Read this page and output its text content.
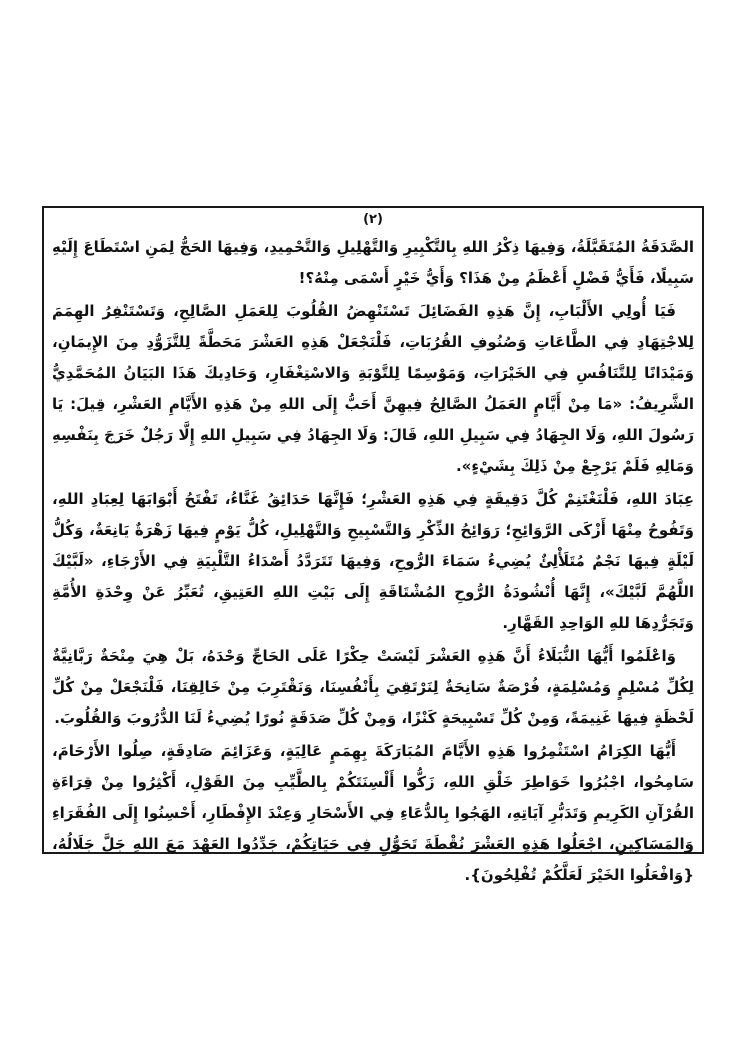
(٢)

الصَّدَقَةُ المُتَقَبَّلَةُ، وَفِيهَا ذِكْرُ اللهِ بِالتَّكْبِيرِ وَالتَّهْلِيلِ وَالتَّحْمِيدِ، وَفِيهَا الحَجُّ لِمَنِ اسْتَطَاعَ إِلَيْهِ سَبِيلًا، فَأَيُّ فَضْلٍ أَعْظَمُ مِنْ هَذَا؟ وَأَيُّ خَيْرٍ أَسْمَى مِنْهُ؟!

فَيَا أُولِي الأَلْبَابِ، إِنَّ هَذِهِ الفَضَائِلَ تَسْتَنْهِضُ القُلُوبَ لِلعَمَلِ الصَّالِحِ، وَتَسْتَنْفِرُ الهِمَمَ لِلاجْتِهَادِ فِي الطَّاعَاتِ وَصُنُوفِ القُرُبَاتِ، فَلْنَجْعَلْ هَذِهِ العَشْرَ مَحَطَّةً لِلتَّزَوُّدِ مِنَ الإِيمَانِ، وَمَيْدَانًا لِلتَّنَافُسِ فِي الخَيْرَاتِ، وَمَوْسِمًا لِلتَّوْبَةِ وَالاسْتِغْفَارِ، وَحَادِيكَ هَذَا البَيَانُ المُحَمَّدِيُّ الشَّرِيفُ: «مَا مِنْ أَيَّامٍ العَمَلُ الصَّالِحُ فِيهِنَّ أَحَبُّ إِلَى اللهِ مِنْ هَذِهِ الأَيَّامِ العَشْرِ، قِيلَ: يَا رَسُولَ اللهِ، وَلَا الجِهَادُ فِي سَبِيلِ اللهِ، قَالَ: وَلَا الجِهَادُ فِي سَبِيلِ اللهِ إِلَّا رَجُلٌ خَرَجَ بِنَفْسِهِ وَمَالِهِ فَلَمْ يَرْجِعْ مِنْ ذَلِكَ بِشَيْءٍ».

عِبَادَ اللهِ، فَلْنَغْتَنِمْ كُلَّ دَقِيقَةٍ فِي هَذِهِ العَشْرِ؛ فَإِنَّهَا حَدَائِقُ غَنَّاءُ، تَفْتَحُ أَبْوَابَهَا لِعِبَادِ اللهِ، وَتَفُوحُ مِنْهَا أَزْكَى الرَّوَائِحِ؛ رَوَائِحُ الذِّكْرِ وَالتَّسْبِيحِ وَالتَّهْلِيلِ، كُلُّ يَوْمٍ فِيهَا زَهْرَةٌ يَانِعَةٌ، وَكُلُّ لَيْلَةٍ فِيهَا نَجْمٌ مُتَلَأْلِئٌ يُضِيءُ سَمَاءَ الرُّوحِ، وَفِيهَا تَتَرَدَّدُ أَصْدَاءُ التَّلْبِيَةِ فِي الأَرْجَاءِ، «لَبَّيْكَ اللَّهُمَّ لَبَّيْكَ»، إِنَّهَا أُنْشُودَةُ الرُّوحِ المُشْتَاقَةِ إِلَى بَيْتِ اللهِ العَتِيقِ، تُعَبِّرُ عَنْ وِحْدَةِ الأُمَّةِ وَتَجَرُّدِهَا للهِ الوَاحِدِ القَهَّارِ.

وَاعْلَمُوا أَيُّهَا النُّبَلَاءُ أَنَّ هَذِهِ العَشْرَ لَيْسَتْ حِكْرًا عَلَى الحَاجِّ وَحْدَهُ، بَلْ هِيَ مِنْحَةٌ رَبَّانِيَّةٌ لِكُلِّ مُسْلِمٍ وَمُسْلِمَةٍ، فُرْصَةٌ سَانِحَةٌ لِنَرْتَقِيَ بِأَنْفُسِنَا، وَنَقْتَرِبَ مِنْ خَالِقِنَا، فَلْنَجْعَلْ مِنْ كُلِّ لَحْظَةٍ فِيهَا غَنِيمَةً، وَمِنْ كُلِّ تَسْبِيحَةٍ كَنْزًا، وَمِنْ كُلِّ صَدَقَةٍ نُورًا يُضِيءُ لَنَا الدُّرُوبَ وَالقُلُوبَ.

أَيُّهَا الكِرَامُ اسْتَثْمِرُوا هَذِهِ الأَيَّامَ المُبَارَكَةَ بِهِمَمٍ عَالِيَةٍ، وَعَزَائِمَ صَادِقَةٍ، صِلُوا الأَرْحَامَ، سَامِحُوا، اجْبُرُوا خَوَاطِرَ خَلْقِ اللهِ، زَكُّوا أَلْسِنَتَكُمْ بِالطَّيِّبِ مِنَ القَوْلِ، أَكْثِرُوا مِنْ قِرَاءَةِ القُرْآنِ الكَرِيمِ وَتَدَبُّرِ آيَاتِهِ، الهَجُوا بِالدُّعَاءِ فِي الأَسْحَارِ وَعِنْدَ الإِفْطَارِ، أَحْسِنُوا إِلَى الفُقَرَاءِ وَالمَسَاكِينِ، اجْعَلُوا هَذِهِ العَشْرَ نُقْطَةَ تَحَوُّلٍ فِي حَيَاتِكُمْ، جَدِّدُوا العَهْدَ مَعَ اللهِ جَلَّ جَلَالُهُ، {وَافْعَلُوا الخَيْرَ لَعَلَّكُمْ تُفْلِحُونَ}.
